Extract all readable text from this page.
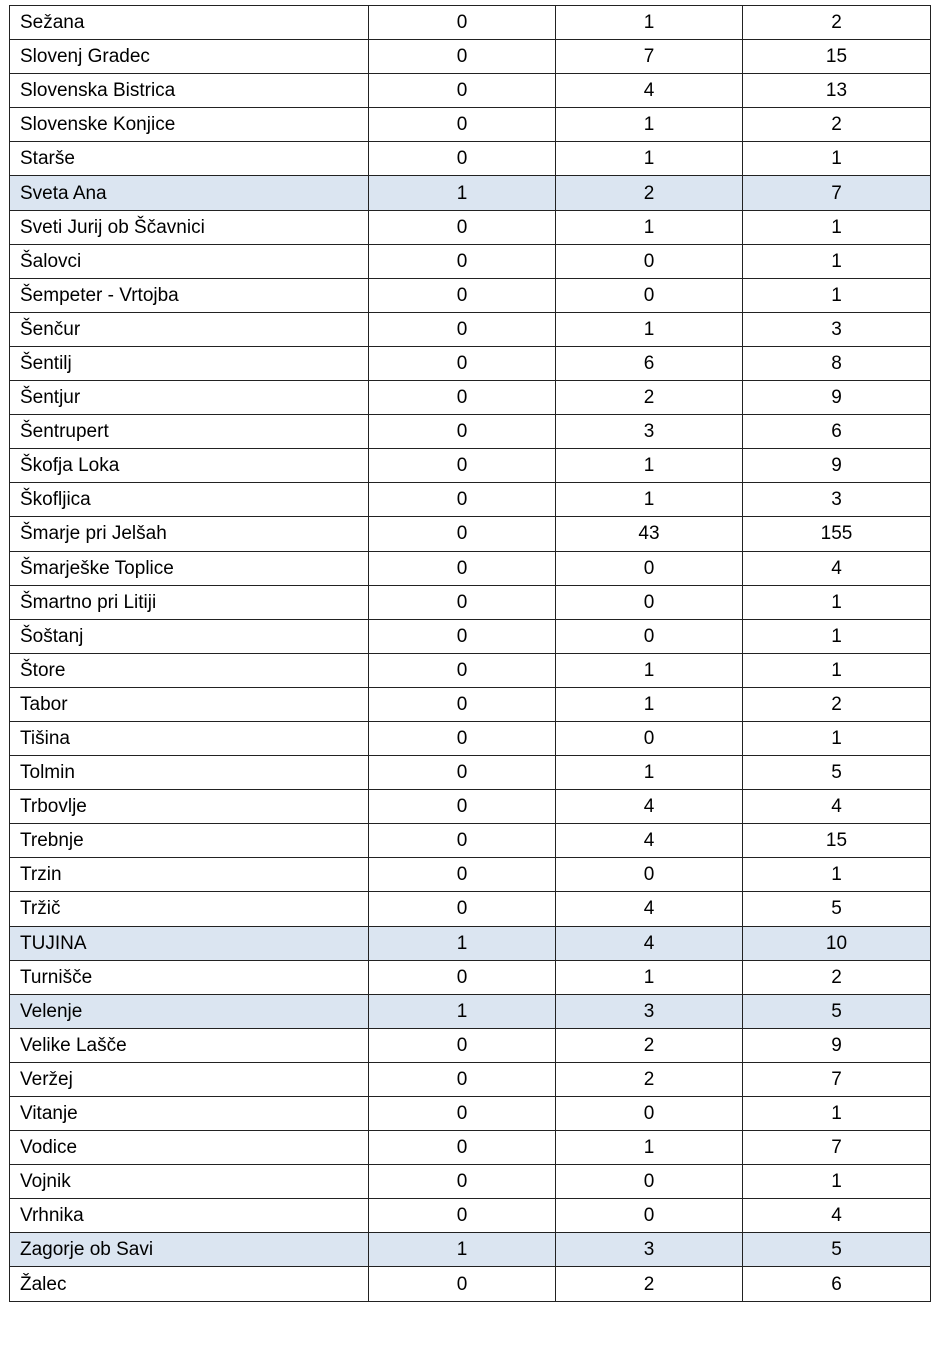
Sežana	0	1	2
Slovenj Gradec	0	7	15
Slovenska Bistrica	0	4	13
Slovenske Konjice	0	1	2
Starše	0	1	1
Sveta Ana	1	2	7
Sveti Jurij ob Ščavnici	0	1	1
Šalovci	0	0	1
Šempeter - Vrtojba	0	0	1
Šenčur	0	1	3
Šentilj	0	6	8
Šentjur	0	2	9
Šentrupert	0	3	6
Škofja Loka	0	1	9
Škofljica	0	1	3
Šmarje pri Jelšah	0	43	155
Šmarješke Toplice	0	0	4
Šmartno pri Litiji	0	0	1
Šoštanj	0	0	1
Štore	0	1	1
Tabor	0	1	2
Tišina	0	0	1
Tolmin	0	1	5
Trbovlje	0	4	4
Trebnje	0	4	15
Trzin	0	0	1
Tržič	0	4	5
TUJINA	1	4	10
Turnišče	0	1	2
Velenje	1	3	5
Velike Lašče	0	2	9
Veržej	0	2	7
Vitanje	0	0	1
Vodice	0	1	7
Vojnik	0	0	1
Vrhnika	0	0	4
Zagorje ob Savi	1	3	5
Žalec	0	2	6
